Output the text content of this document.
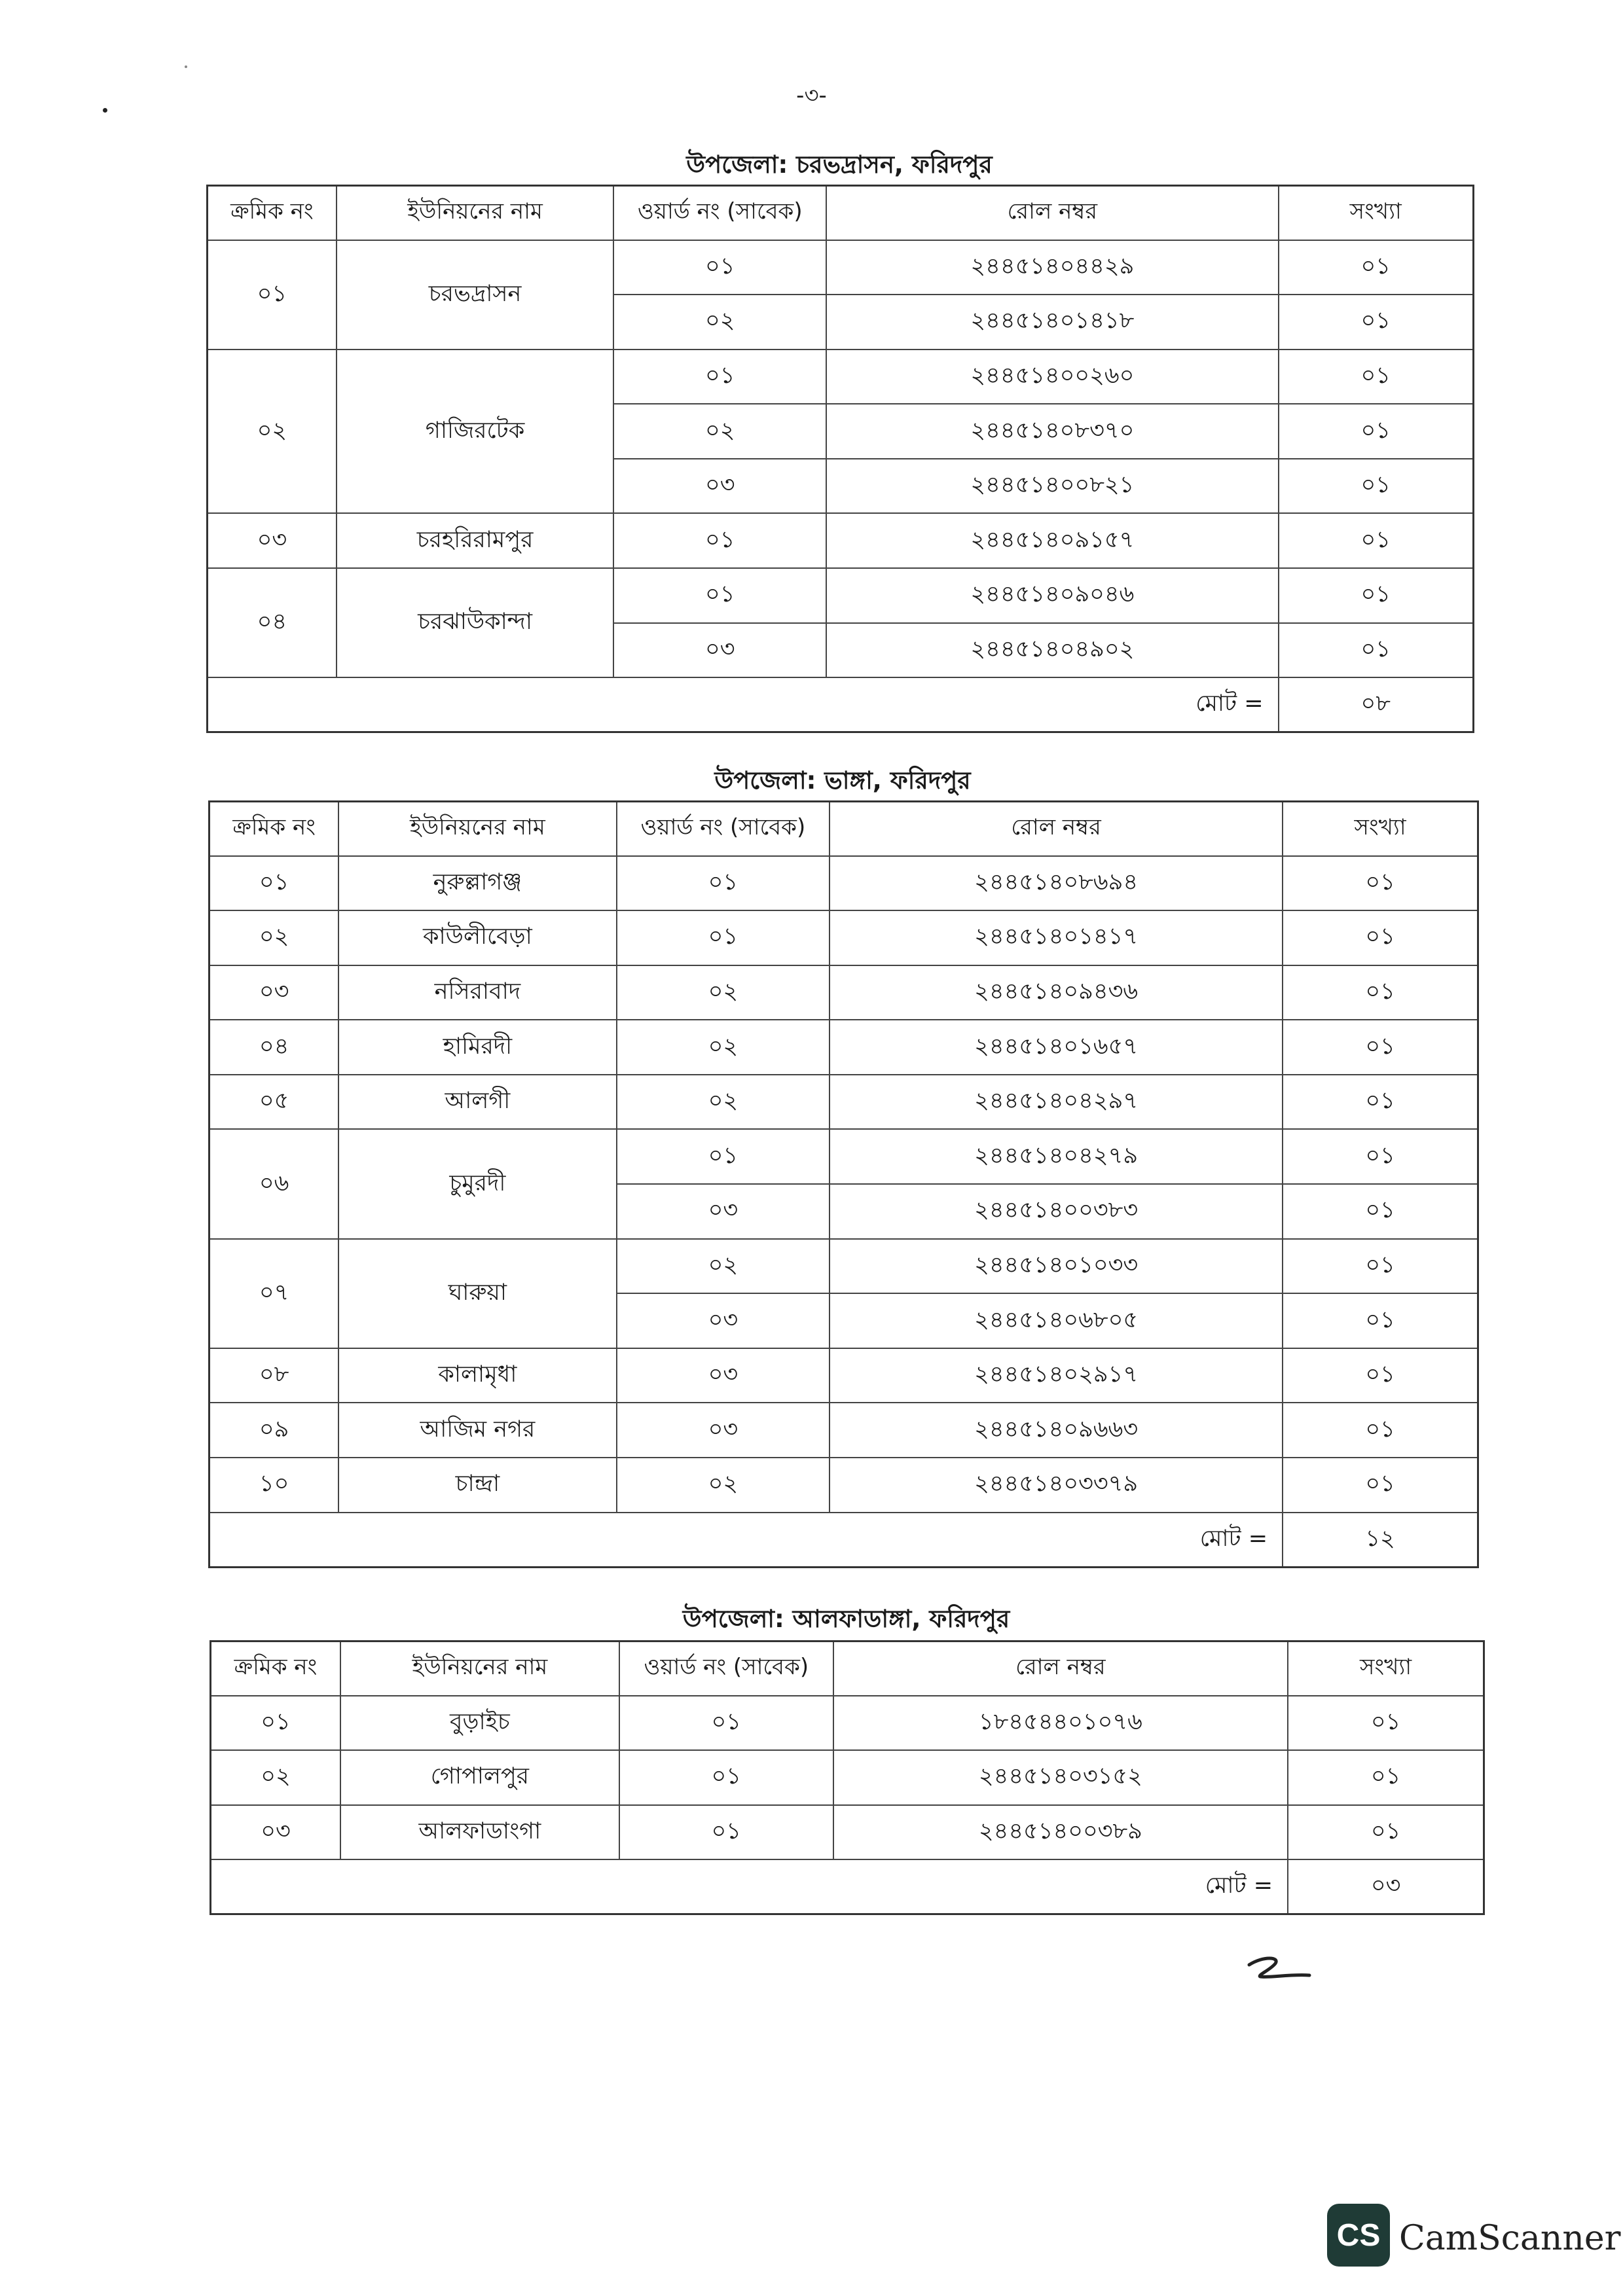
-৩-
উপজেলা: চরভদ্রাসন, ফরিদপুর
ক্রমিক নং	ইউনিয়নের নাম	ওয়ার্ড নং (সাবেক)	রোল নম্বর	সংখ্যা
০১	চরভদ্রাসন	০১	২৪৪৫১৪০৪৪২৯	০১
		০২	২৪৪৫১৪০১৪১৮	০১
০২	গাজিরটেক	০১	২৪৪৫১৪০০২৬০	০১
		০২	২৪৪৫১৪০৮৩৭০	০১
		০৩	২৪৪৫১৪০০৮২১	০১
০৩	চরহরিরামপুর	০১	২৪৪৫১৪০৯১৫৭	০১
০৪	চরঝাউকান্দা	০১	২৪৪৫১৪০৯০৪৬	০১
		০৩	২৪৪৫১৪০৪৯০২	০১
মোট =				০৮
উপজেলা: ভাঙ্গা, ফরিদপুর
ক্রমিক নং	ইউনিয়নের নাম	ওয়ার্ড নং (সাবেক)	রোল নম্বর	সংখ্যা
০১	নুরুল্লাগঞ্জ	০১	২৪৪৫১৪০৮৬৯৪	০১
০২	কাউলীবেড়া	০১	২৪৪৫১৪০১৪১৭	০১
০৩	নসিরাবাদ	০২	২৪৪৫১৪০৯৪৩৬	০১
০৪	হামিরদী	০২	২৪৪৫১৪০১৬৫৭	০১
০৫	আলগী	০২	২৪৪৫১৪০৪২৯৭	০১
০৬	চুমুরদী	০১	২৪৪৫১৪০৪২৭৯	০১
		০৩	২৪৪৫১৪০০৩৮৩	০১
০৭	ঘারুয়া	০২	২৪৪৫১৪০১০৩৩	০১
		০৩	২৪৪৫১৪০৬৮০৫	০১
০৮	কালামৃধা	০৩	২৪৪৫১৪০২৯১৭	০১
০৯	আজিম নগর	০৩	২৪৪৫১৪০৯৬৬৩	০১
১০	চান্দ্রা	০২	২৪৪৫১৪০৩৩৭৯	০১
মোট =				১২
উপজেলা: আলফাডাঙ্গা, ফরিদপুর
ক্রমিক নং	ইউনিয়নের নাম	ওয়ার্ড নং (সাবেক)	রোল নম্বর	সংখ্যা
০১	বুড়াইচ	০১	১৮৪৫৪৪০১০৭৬	০১
০২	গোপালপুর	০১	২৪৪৫১৪০৩১৫২	০১
০৩	আলফাডাংগা	০১	২৪৪৫১৪০০৩৮৯	০১
মোট =				০৩
CS CamScanner
